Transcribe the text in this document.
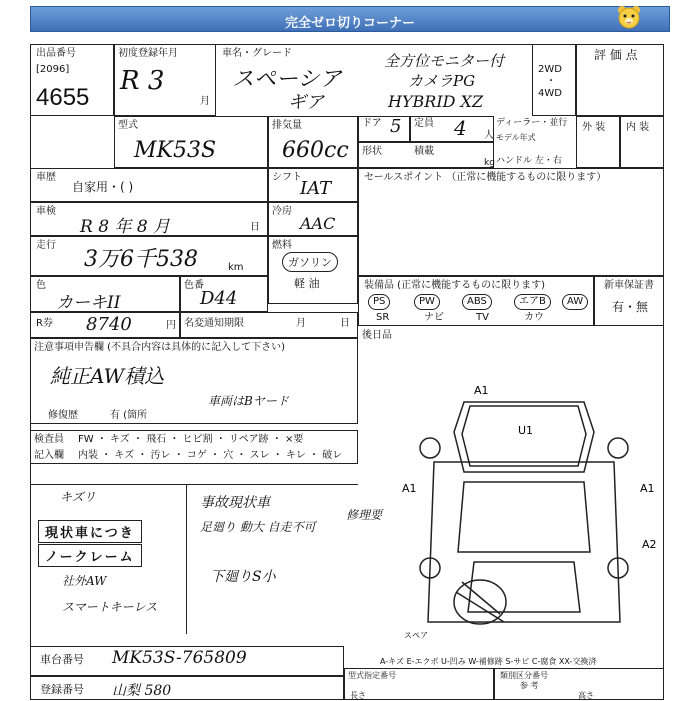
完全ゼロ切りコーナー
出品番号
[2096]
4655
初度登録年月
R 3
月
車名・グレード
スペーシア
ギア
全方位モニター付
カメラPG
HYBRID XZ
2WD
・
4WD
評 価 点
型式
MK53S
排気量
660cc
ドア 5 定員 4 人
ディーラー・並行
モデル年式
形状	積載
kg ハンドル 左・右
外 装 内 装
車歴
自家用・( )
シフト
IAT
セールスポイント （正常に機能するものに限ります）
車検
R 8 年 8 月	日
冷房
AAC
走行
3万6千538	km
燃料
ガソリン
軽 油
色
カーキII
色番
D44
装備品 (正常に機能するものに限ります)
PS	PW	ABS	エアB	AW
SR	ナビ	TV	カウ
新車保証書
有・無
R券 8740	円 名変通知期限	月	日
後日品
注意事項申告欄 (不具合内容は具体的に記入して下さい)
純正AW積込
車両はBヤード
修復歴	有 (箇所
検査員
記入欄
FW ・ キズ ・ 飛石 ・ ヒビ割 ・ リペア跡 ・ ×要
内装 ・ キズ ・ 汚レ ・ コゲ ・ 穴 ・ スレ ・ キレ ・ 破レ
キズリ
現状車につき
ノークレーム
社外AW
スマートキーレス
事故現状車
足廻り 動大 自走不可
修理要
下廻りS小
A1
U1
A1	A1
A2
スペア
A-キズ E-エクボ U-凹み W-補修跡 S-サビ C-腐食 XX-交換済
車台番号 MK53S-765809
登録番号 山梨 580
型式指定番号
長さ
類別区分番号
参 考
高さ
